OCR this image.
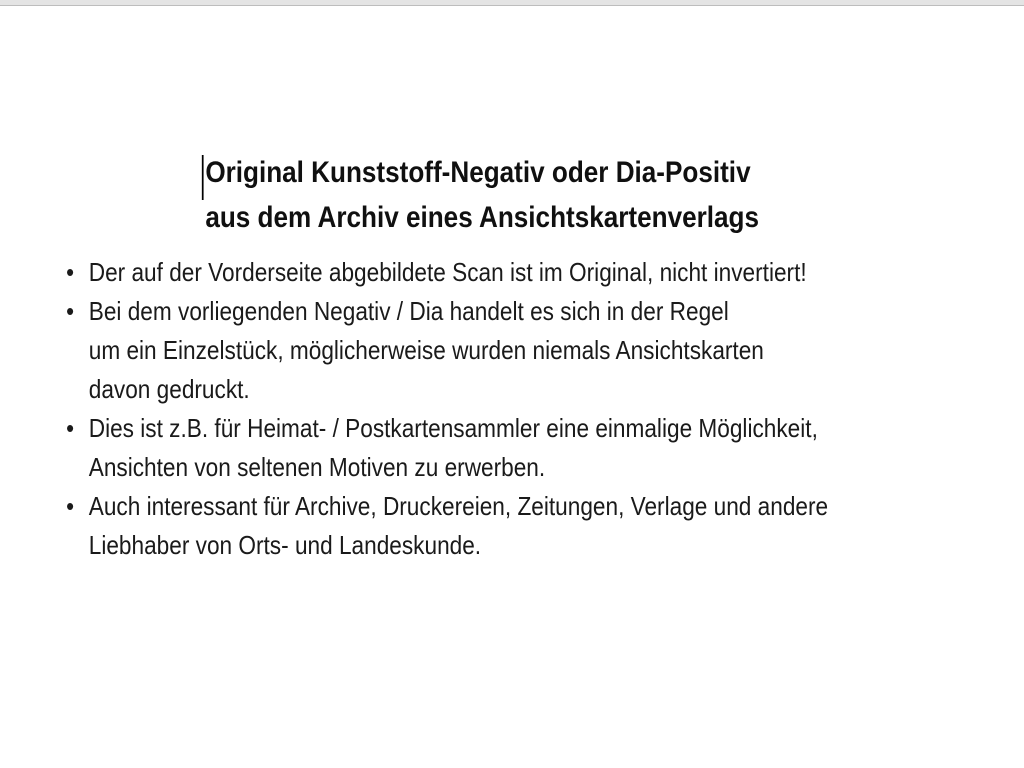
Original Kunststoff-Negativ oder Dia-Positiv
aus dem Archiv eines Ansichtskartenverlags
• Der auf der Vorderseite abgebildete Scan ist im Original, nicht invertiert!
• Bei dem vorliegenden Negativ / Dia handelt es sich in der Regel
um ein Einzelstück, möglicherweise wurden niemals Ansichtskarten
davon gedruckt.
• Dies ist z.B. für Heimat- / Postkartensammler eine einmalige Möglichkeit,
Ansichten von seltenen Motiven zu erwerben.
• Auch interessant für Archive, Druckereien, Zeitungen, Verlage und andere
Liebhaber von Orts- und Landeskunde.
